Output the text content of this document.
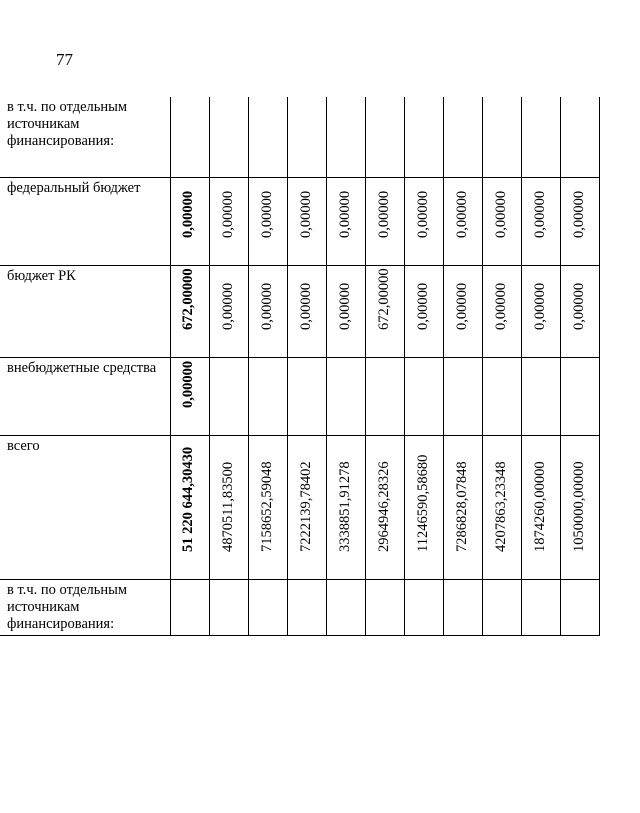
77
в т.ч. по отдельным источникам финансирования:	

федеральный бюджет	0,00000	0,00000	0,00000	0,00000	0,00000	0,00000	0,00000	0,00000	0,00000	0,00000	0,00000

бюджет РК	672,00000	0,00000	0,00000	0,00000	0,00000	672,00000	0,00000	0,00000	0,00000	0,00000	0,00000

внебюджетные средства	0,00000										

всего	51 220 644,30430	4870511,83500	7158652,59048	7222139,78402	3338851,91278	2964946,28326	11246590,58680	7286828,07848	4207863,23348	1874260,00000	1050000,00000

в т.ч. по отдельным источникам финансирования:	
